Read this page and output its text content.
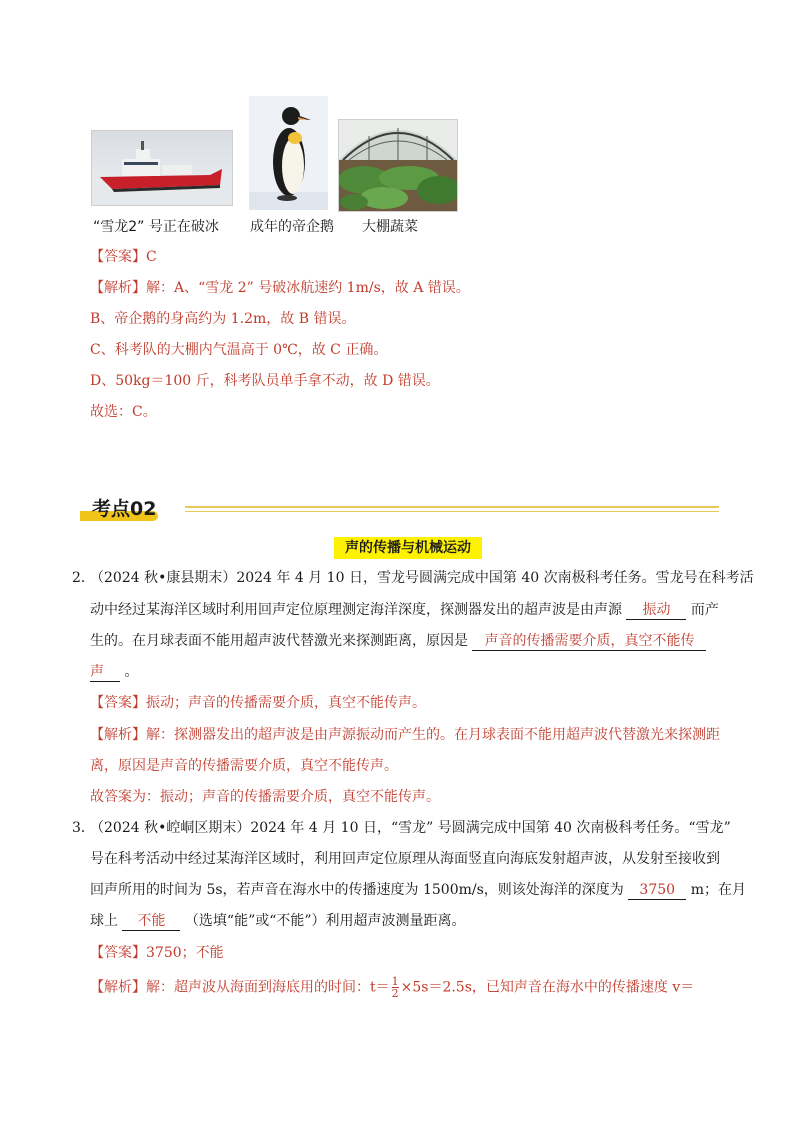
“雪龙2” 号正在破冰 成年的帝企鹅 大棚蔬菜
【答案】C
【解析】解：A、“雪龙 2” 号破冰航速约 1m/s，故 A 错误。
B、帝企鹅的身高约为 1.2m，故 B 错误。
C、科考队的大棚内气温高于 0℃，故 C 正确。
D、50kg＝100 斤，科考队员单手拿不动，故 D 错误。
故选：C。
考点02
声的传播与机械运动
2．（2024 秋•康县期末）2024 年 4 月 10 日，雪龙号圆满完成中国第 40 次南极科考任务。雪龙号在科考活
动中经过某海洋区域时利用回声定位原理测定海洋深度，探测器发出的超声波是由声源 振动 而产
生的。在月球表面不能用超声波代替激光来探测距离，原因是 声音的传播需要介质，真空不能传
声 。
【答案】振动；声音的传播需要介质，真空不能传声。
【解析】解：探测器发出的超声波是由声源振动而产生的。在月球表面不能用超声波代替激光来探测距
离，原因是声音的传播需要介质，真空不能传声。
故答案为：振动；声音的传播需要介质，真空不能传声。
3．（2024 秋•崆峒区期末）2024 年 4 月 10 日，“雪龙” 号圆满完成中国第 40 次南极科考任务。“雪龙”
号在科考活动中经过某海洋区域时，利用回声定位原理从海面竖直向海底发射超声波，从发射至接收到
回声所用的时间为 5s，若声音在海水中的传播速度为 1500m/s，则该处海洋的深度为 3750 m；在月
球上 不能 （选填“能”或“不能”）利用超声波测量距离。
【答案】3750；不能
【解析】解：超声波从海面到海底用的时间：$t= \frac{1}{2} \times 5s=2.5s$，已知声音在海水中的传播速度 v＝
